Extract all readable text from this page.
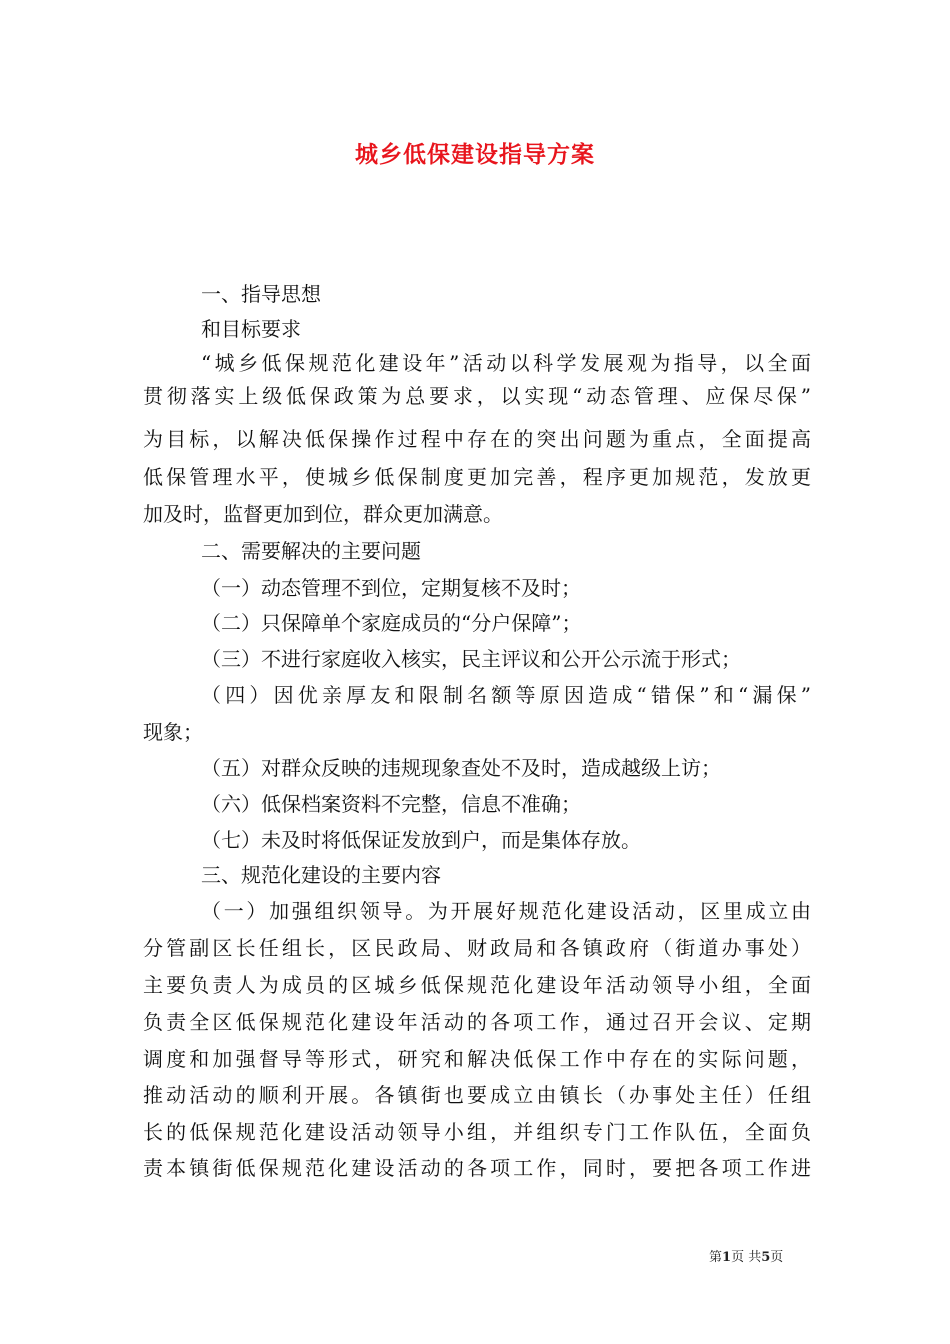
城乡低保建设指导方案
一、指导思想
和目标要求
“城乡低保规范化建设年”活动以科学发展观为指导，以全面
贯彻落实上级低保政策为总要求，以实现“动态管理、应保尽保”
为目标，以解决低保操作过程中存在的突出问题为重点，全面提高
低保管理水平，使城乡低保制度更加完善，程序更加规范，发放更
加及时，监督更加到位，群众更加满意。
二、需要解决的主要问题
（一）动态管理不到位，定期复核不及时；
（二）只保障单个家庭成员的“分户保障”；
（三）不进行家庭收入核实，民主评议和公开公示流于形式；
（四）因优亲厚友和限制名额等原因造成“错保”和“漏保”
现象；
（五）对群众反映的违规现象查处不及时，造成越级上访；
（六）低保档案资料不完整，信息不准确；
（七）未及时将低保证发放到户，而是集体存放。
三、规范化建设的主要内容
（一）加强组织领导。为开展好规范化建设活动，区里成立由
分管副区长任组长，区民政局、财政局和各镇政府（街道办事处）
主要负责人为成员的区城乡低保规范化建设年活动领导小组，全面
负责全区低保规范化建设年活动的各项工作，通过召开会议、定期
调度和加强督导等形式，研究和解决低保工作中存在的实际问题，
推动活动的顺利开展。各镇街也要成立由镇长（办事处主任）任组
长的低保规范化建设活动领导小组，并组织专门工作队伍，全面负
责本镇街低保规范化建设活动的各项工作，同时，要把各项工作进
第1页 共5页
